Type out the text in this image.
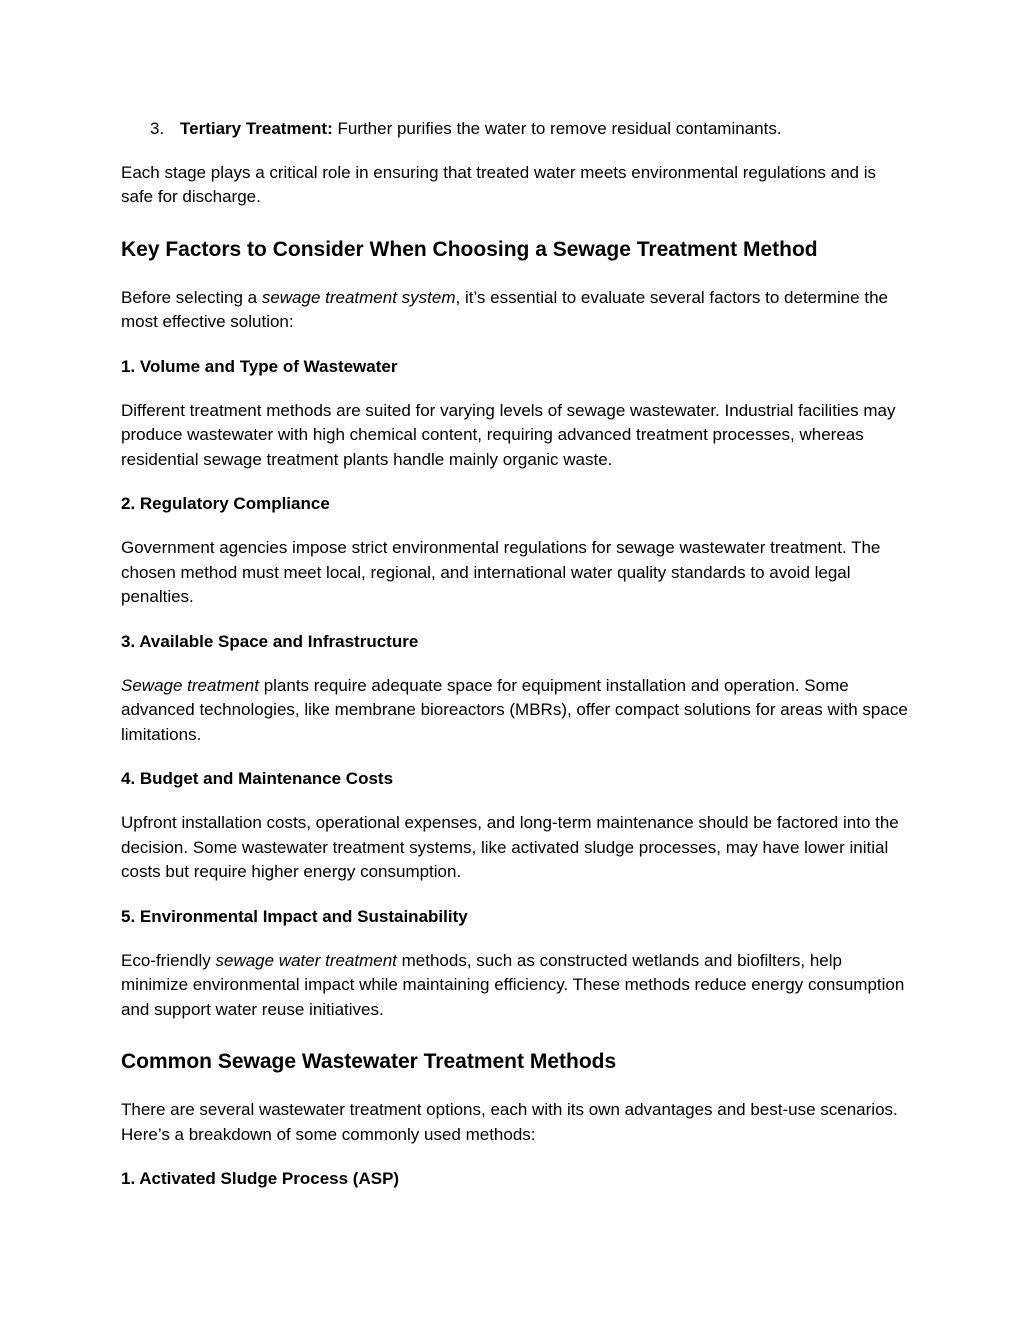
3. Tertiary Treatment: Further purifies the water to remove residual contaminants.

Each stage plays a critical role in ensuring that treated water meets environmental regulations and is safe for discharge.

Key Factors to Consider When Choosing a Sewage Treatment Method

Before selecting a sewage treatment system, it’s essential to evaluate several factors to determine the most effective solution:

1. Volume and Type of Wastewater

Different treatment methods are suited for varying levels of sewage wastewater. Industrial facilities may produce wastewater with high chemical content, requiring advanced treatment processes, whereas residential sewage treatment plants handle mainly organic waste.

2. Regulatory Compliance

Government agencies impose strict environmental regulations for sewage wastewater treatment. The chosen method must meet local, regional, and international water quality standards to avoid legal penalties.

3. Available Space and Infrastructure

Sewage treatment plants require adequate space for equipment installation and operation. Some advanced technologies, like membrane bioreactors (MBRs), offer compact solutions for areas with space limitations.

4. Budget and Maintenance Costs

Upfront installation costs, operational expenses, and long-term maintenance should be factored into the decision. Some wastewater treatment systems, like activated sludge processes, may have lower initial costs but require higher energy consumption.

5. Environmental Impact and Sustainability

Eco-friendly sewage water treatment methods, such as constructed wetlands and biofilters, help minimize environmental impact while maintaining efficiency. These methods reduce energy consumption and support water reuse initiatives.

Common Sewage Wastewater Treatment Methods

There are several wastewater treatment options, each with its own advantages and best-use scenarios. Here’s a breakdown of some commonly used methods:

1. Activated Sludge Process (ASP)
